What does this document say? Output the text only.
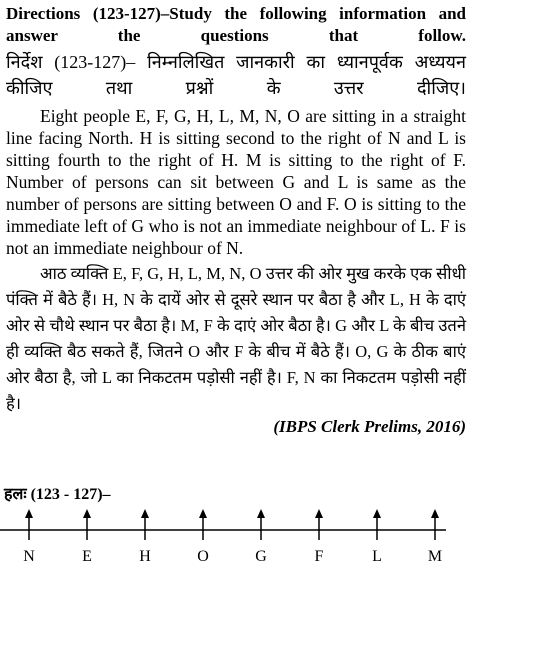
Directions (123-127)–Study the following information and answer the questions that follow.
निर्देश (123-127)– निम्नलिखित जानकारी का ध्यानपूर्वक अध्ययन कीजिए तथा प्रश्नों के उत्तर दीजिए।
Eight people E, F, G, H, L, M, N, O are sitting in a straight line facing North. H is sitting second to the right of N and L is sitting fourth to the right of H. M is sitting to the right of F. Number of persons can sit between G and L is same as the number of persons are sitting between O and F. O is sitting to the immediate left of G who is not an immediate neighbour of L. F is not an immediate neighbour of N.
आठ व्यक्ति E, F, G, H, L, M, N, O उत्तर की ओर मुख करके एक सीधी पंक्ति में बैठे हैं। H, N के दायें ओर से दूसरे स्थान पर बैठा है और L, H के दाएं ओर से चौथे स्थान पर बैठा है। M, F के दाएं ओर बैठा है। G और L के बीच उतने ही व्यक्ति बैठ सकते हैं, जितने O और F के बीच में बैठे हैं। O, G के ठीक बाएं ओर बैठा है, जो L का निकटतम पड़ोसी नहीं है। F, N का निकटतम पड़ोसी नहीं है।
(IBPS Clerk Prelims, 2016)
हलः (123 - 127)–
N	E	H	O	G	F	L	M
